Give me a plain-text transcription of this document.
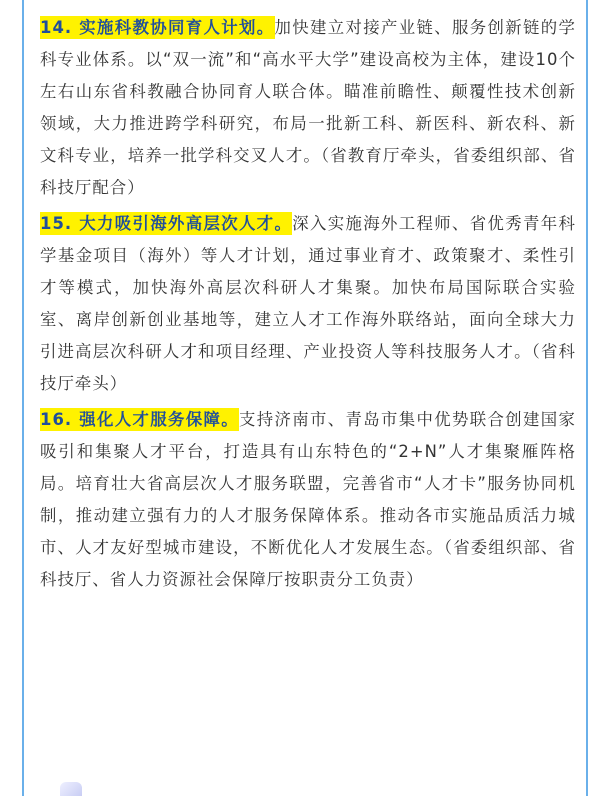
14. 实施科教协同育人计划。加快建立对接产业链、服务创新链的学科专业体系。以“双一流”和“高水平大学”建设高校为主体，建设10个左右山东省科教融合协同育人联合体。瞄准前瞻性、颠覆性技术创新领域，大力推进跨学科研究，布局一批新工科、新医科、新农科、新文科专业，培养一批学科交叉人才。（省教育厅牵头，省委组织部、省科技厅配合）

15. 大力吸引海外高层次人才。深入实施海外工程师、省优秀青年科学基金项目（海外）等人才计划，通过事业育才、政策聚才、柔性引才等模式，加快海外高层次科研人才集聚。加快布局国际联合实验室、离岸创新创业基地等，建立人才工作海外联络站，面向全球大力引进高层次科研人才和项目经理、产业投资人等科技服务人才。（省科技厅牵头）

16. 强化人才服务保障。支持济南市、青岛市集中优势联合创建国家吸引和集聚人才平台，打造具有山东特色的“2+N”人才集聚雁阵格局。培育壮大省高层次人才服务联盟，完善省市“人才卡”服务协同机制，推动建立强有力的人才服务保障体系。推动各市实施品质活力城市、人才友好型城市建设，不断优化人才发展生态。（省委组织部、省科技厅、省人力资源社会保障厅按职责分工负责）
